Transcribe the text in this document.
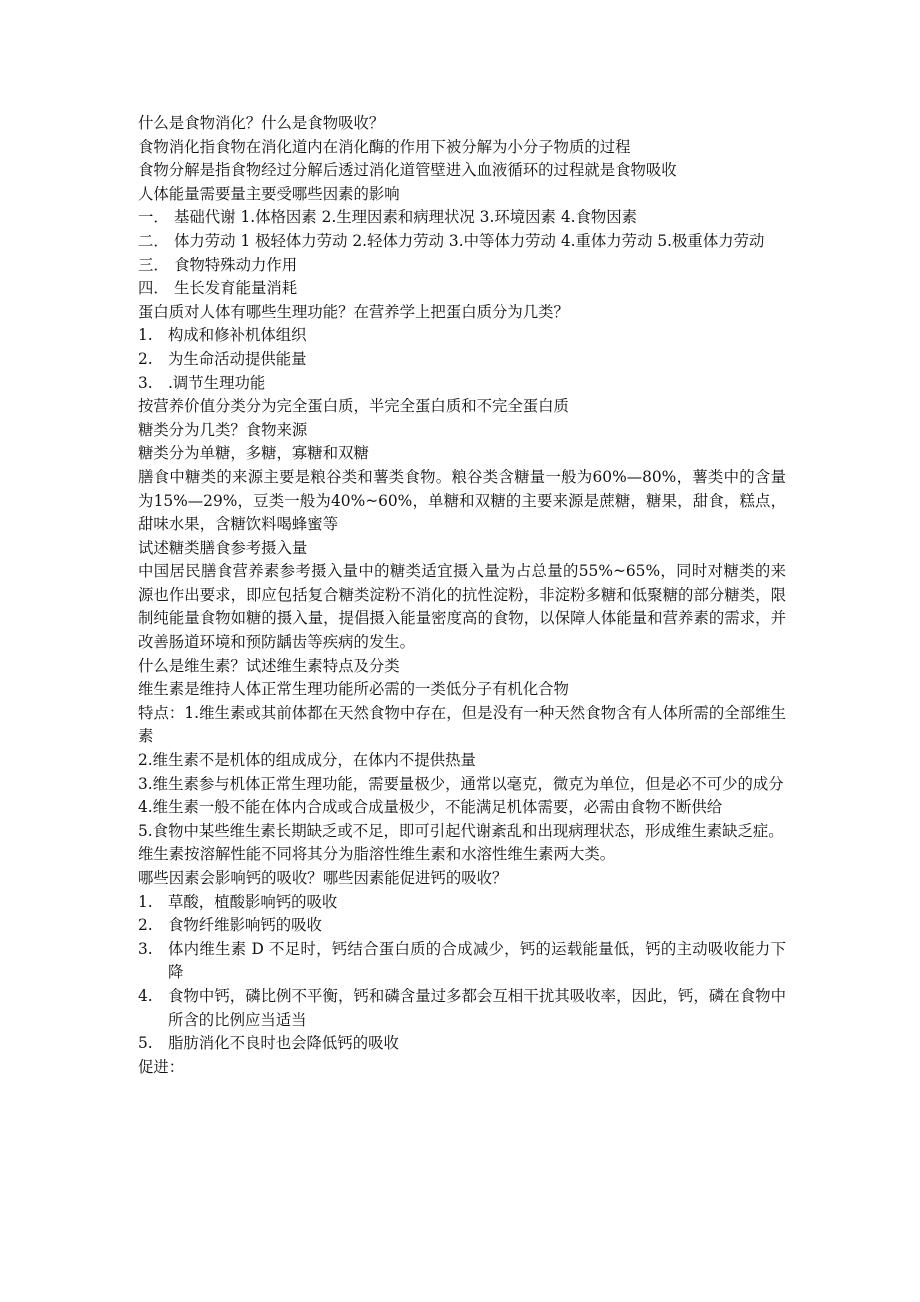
什么是食物消化？什么是食物吸收？

食物消化指食物在消化道内在消化酶的作用下被分解为小分子物质的过程

食物分解是指食物经过分解后透过消化道管壁进入血液循环的过程就是食物吸收

人体能量需要量主要受哪些因素的影响

一． 基础代谢 1.体格因素 2.生理因素和病理状况 3.环境因素 4.食物因素
二． 体力劳动 1 极轻体力劳动 2.轻体力劳动 3.中等体力劳动 4.重体力劳动 5.极重体力劳动
三． 食物特殊动力作用
四． 生长发育能量消耗

蛋白质对人体有哪些生理功能？在营养学上把蛋白质分为几类？

1. 构成和修补机体组织
2. 为生命活动提供能量
3. .调节生理功能

按营养价值分类分为完全蛋白质，半完全蛋白质和不完全蛋白质

糖类分为几类？食物来源

糖类分为单糖，多糖，寡糖和双糖

膳食中糖类的来源主要是粮谷类和薯类食物。粮谷类含糖量一般为60%—80%，薯类中的含量为15%—29%，豆类一般为40%~60%，单糖和双糖的主要来源是蔗糖，糖果，甜食，糕点，甜味水果，含糖饮料喝蜂蜜等

试述糖类膳食参考摄入量

中国居民膳食营养素参考摄入量中的糖类适宜摄入量为占总量的55%~65%，同时对糖类的来源也作出要求，即应包括复合糖类淀粉不消化的抗性淀粉，非淀粉多糖和低聚糖的部分糖类，限制纯能量食物如糖的摄入量，提倡摄入能量密度高的食物，以保障人体能量和营养素的需求，并改善肠道环境和预防龋齿等疾病的发生。

什么是维生素？试述维生素特点及分类

维生素是维持人体正常生理功能所必需的一类低分子有机化合物

特点：1.维生素或其前体都在天然食物中存在，但是没有一种天然食物含有人体所需的全部维生素

2.维生素不是机体的组成成分，在体内不提供热量

3.维生素参与机体正常生理功能，需要量极少，通常以毫克，微克为单位，但是必不可少的成分

4.维生素一般不能在体内合成或合成量极少，不能满足机体需要，必需由食物不断供给

5.食物中某些维生素长期缺乏或不足，即可引起代谢紊乱和出现病理状态，形成维生素缺乏症。

维生素按溶解性能不同将其分为脂溶性维生素和水溶性维生素两大类。

哪些因素会影响钙的吸收？哪些因素能促进钙的吸收？

1. 草酸，植酸影响钙的吸收
2. 食物纤维影响钙的吸收
3. 体内维生素 D 不足时，钙结合蛋白质的合成减少，钙的运载能量低，钙的主动吸收能力下降
4. 食物中钙，磷比例不平衡，钙和磷含量过多都会互相干扰其吸收率，因此，钙，磷在食物中所含的比例应当适当
5. 脂肪消化不良时也会降低钙的吸收

促进：
